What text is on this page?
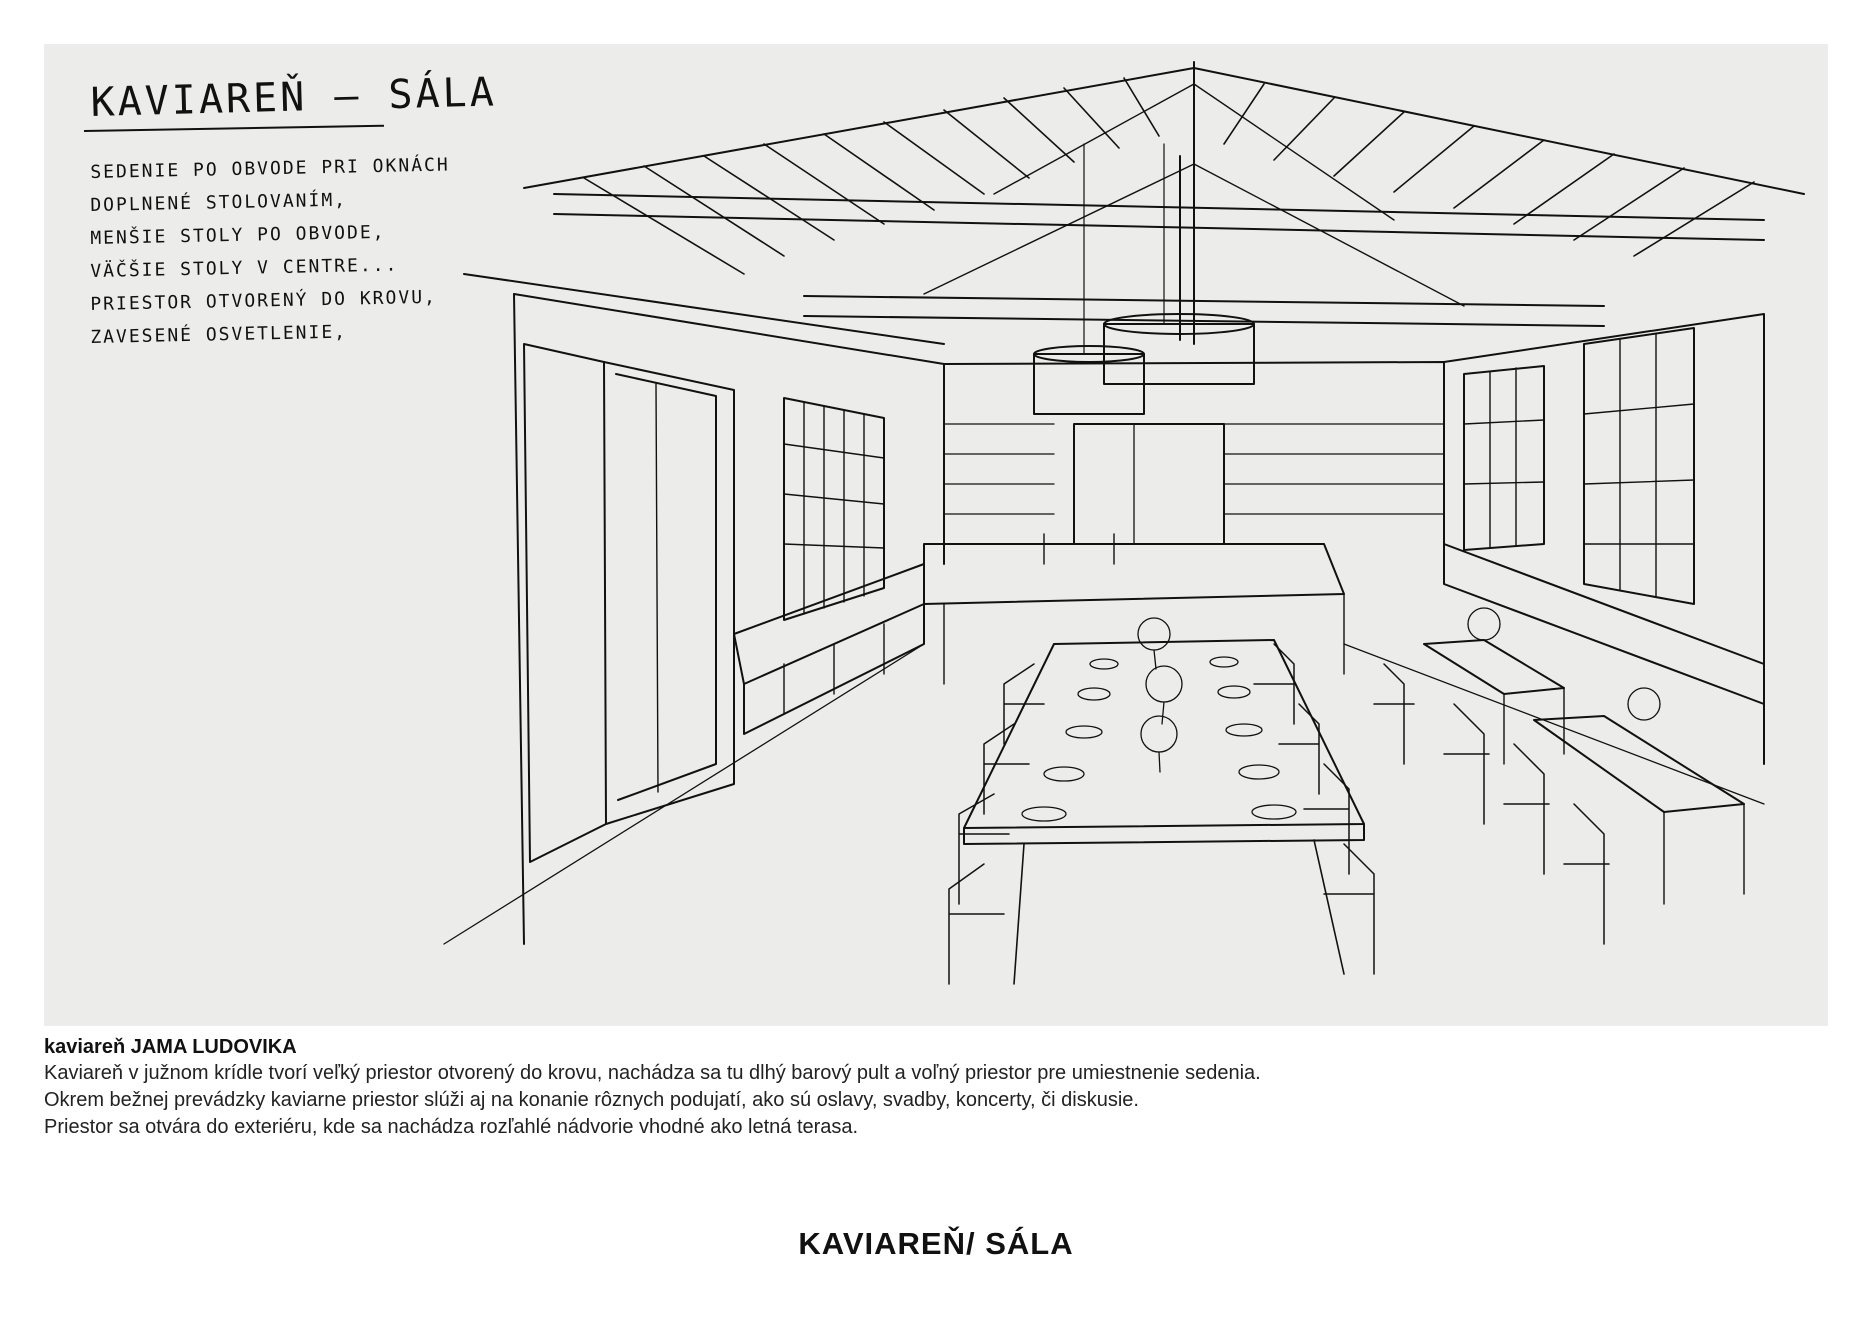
KAVIAREŇ – SÁLA
SEDENIE PO OBVODE PRI OKNÁCH
DOPLNENÉ STOLOVANÍM,
MENŠIE STOLY PO OBVODE,
VÄČŠIE STOLY V CENTRE...
PRIESTOR OTVORENÝ DO KROVU,
ZAVESENÉ OSVETLENIE,
kaviareň JAMA LUDOVIKA
Kaviareň v južnom krídle tvorí veľký priestor otvorený do krovu, nachádza sa tu dlhý barový pult a voľný priestor pre umiestnenie sedenia.
Okrem bežnej prevádzky kaviarne priestor slúži aj na konanie rôznych podujatí, ako sú oslavy, svadby, koncerty, či diskusie.
Priestor sa otvára do exteriéru, kde sa nachádza rozľahlé nádvorie vhodné ako letná terasa.
KAVIAREŇ/ SÁLA
